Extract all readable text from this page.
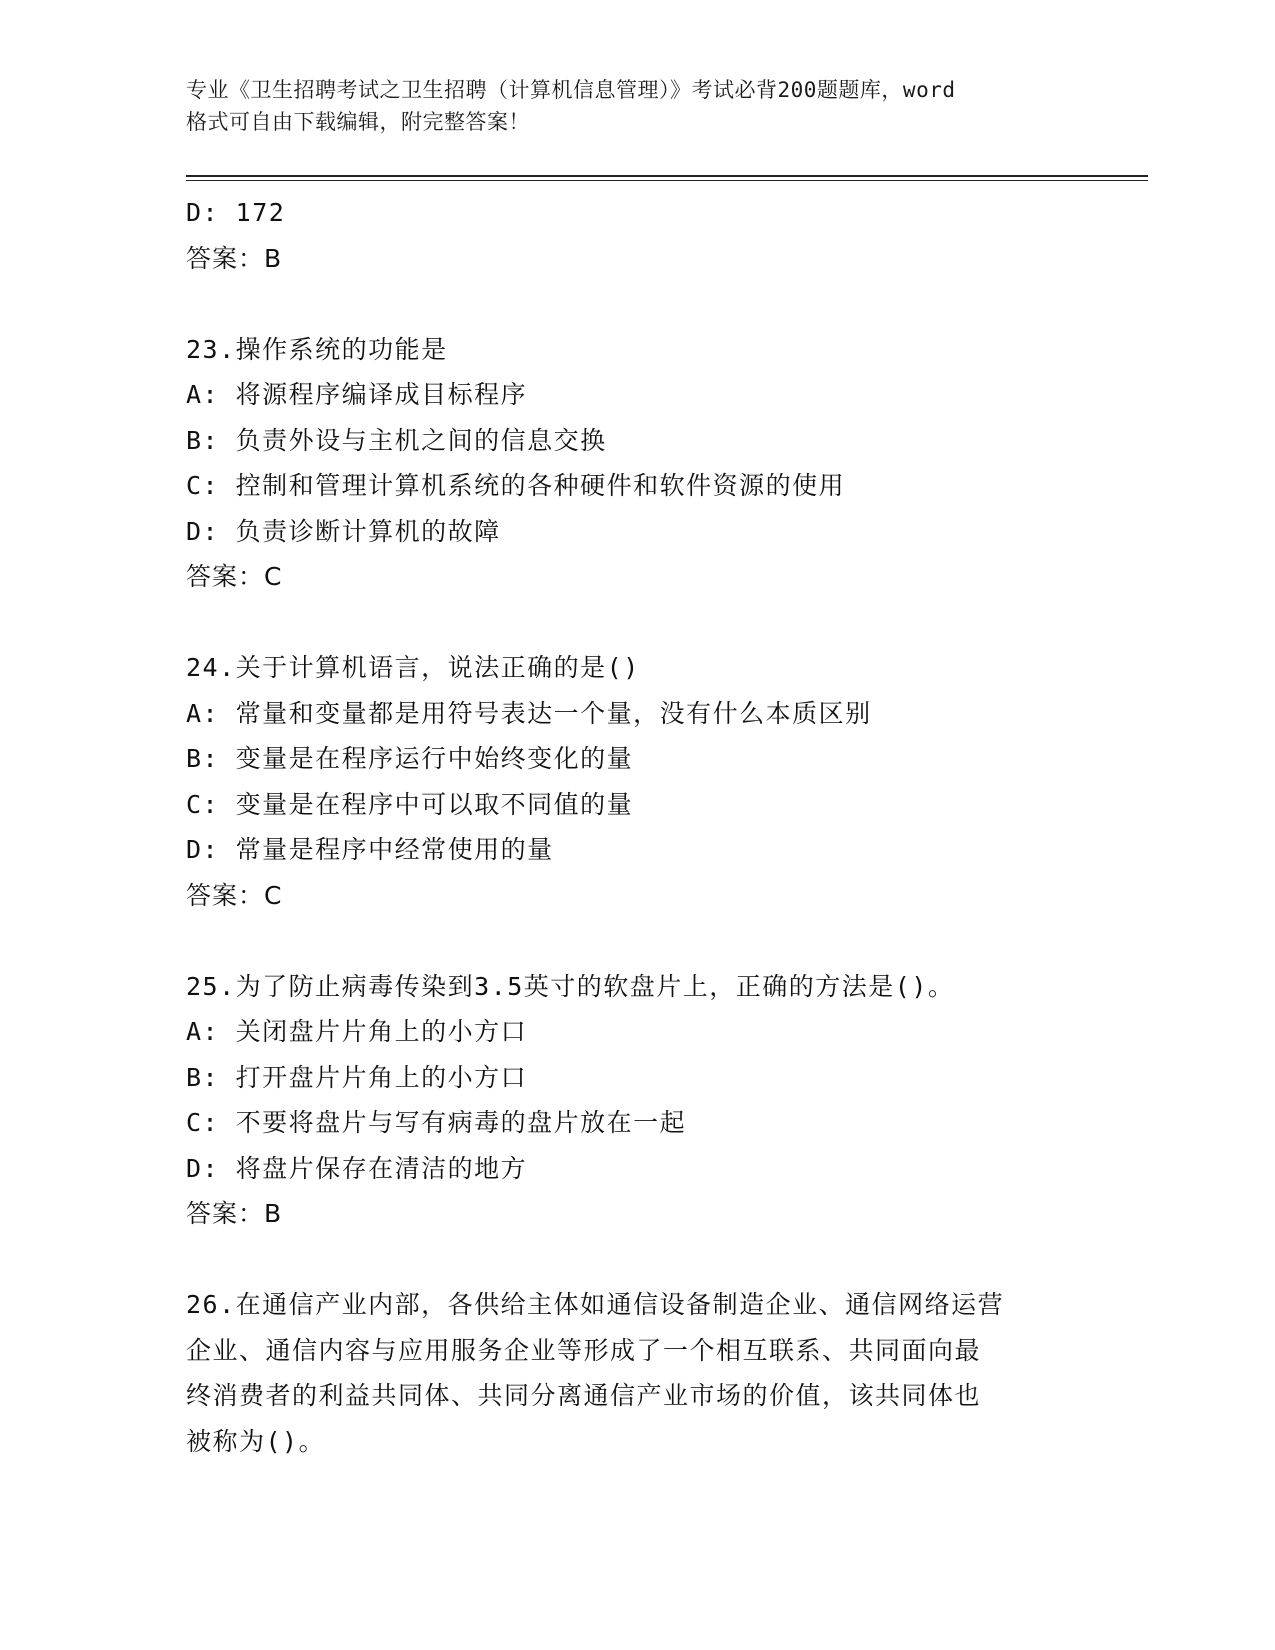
专业《卫生招聘考试之卫生招聘（计算机信息管理）》考试必背200题题库，word
格式可自由下载编辑，附完整答案！
D: 172
答案：B
23.操作系统的功能是
A: 将源程序编译成目标程序
B: 负责外设与主机之间的信息交换
C: 控制和管理计算机系统的各种硬件和软件资源的使用
D: 负责诊断计算机的故障
答案：C
24.关于计算机语言，说法正确的是()
A: 常量和变量都是用符号表达一个量，没有什么本质区别
B: 变量是在程序运行中始终变化的量
C: 变量是在程序中可以取不同值的量
D: 常量是程序中经常使用的量
答案：C
25.为了防止病毒传染到3.5英寸的软盘片上，正确的方法是()。
A: 关闭盘片片角上的小方口
B: 打开盘片片角上的小方口
C: 不要将盘片与写有病毒的盘片放在一起
D: 将盘片保存在清洁的地方
答案：B
26.在通信产业内部，各供给主体如通信设备制造企业、通信网络运营
企业、通信内容与应用服务企业等形成了一个相互联系、共同面向最
终消费者的利益共同体、共同分离通信产业市场的价值，该共同体也
被称为()。
